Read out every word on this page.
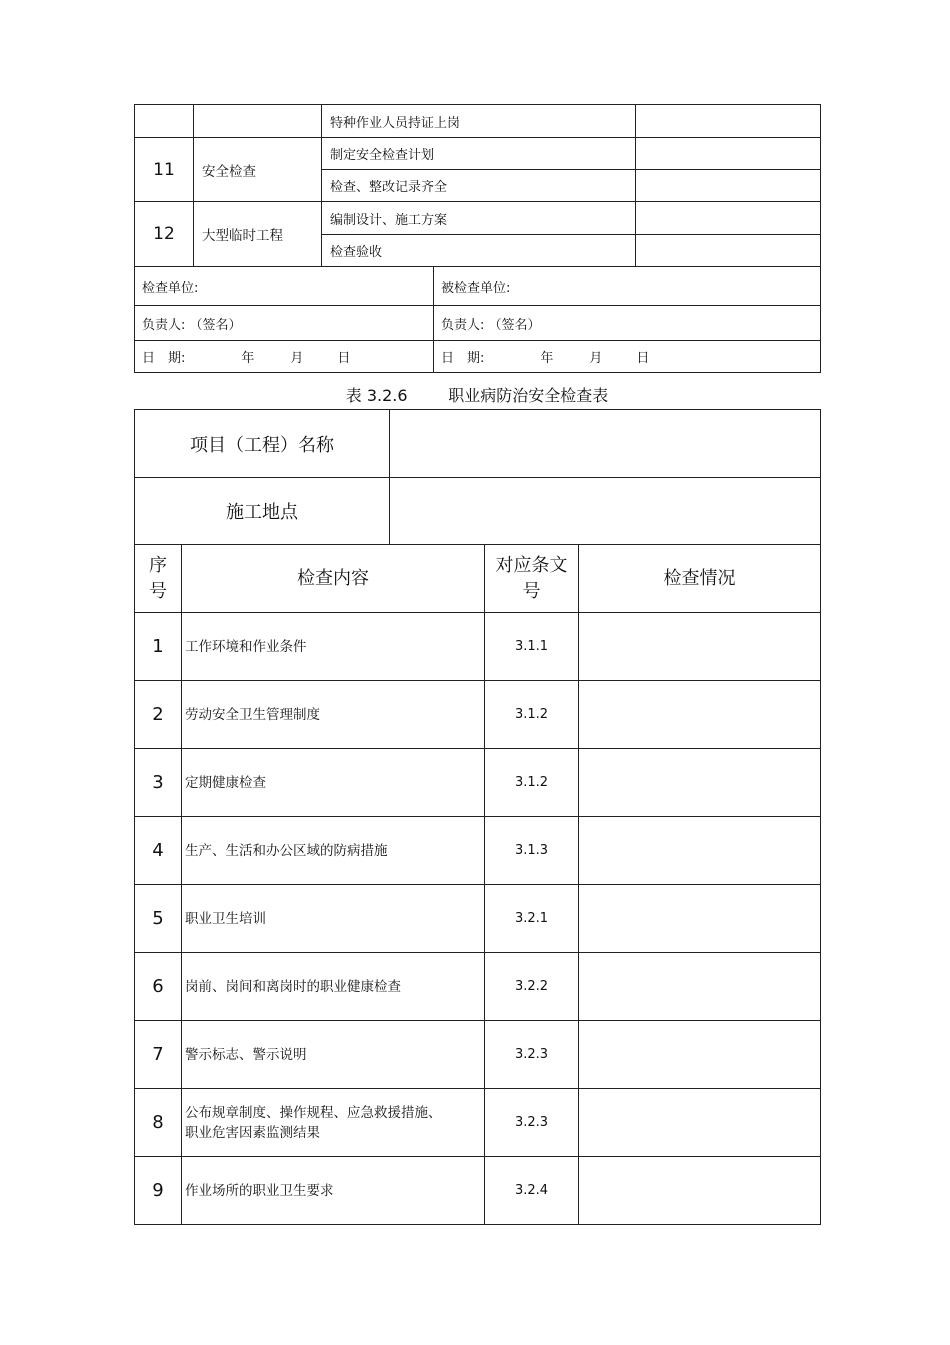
		特种作业人员持证上岗		
11	安全检查	制定安全检查计划		
		检查、整改记录齐全		
12	大型临时工程	编制设计、施工方案		
		检查验收		
检查单位:			被检查单位:	
负责人: （签名）			负责人: （签名）	
日　期: 年 月 日			日　期: 年 月 日	
表 3.2.6        职业病防治安全检查表
项目（工程）名称	
施工地点	
序号	检查内容	对应条文号	检查情况
1	工作环境和作业条件	3.1.1	
2	劳动安全卫生管理制度	3.1.2	
3	定期健康检查	3.1.2	
4	生产、生活和办公区域的防病措施	3.1.3	
5	职业卫生培训	3.2.1	
6	岗前、岗间和离岗时的职业健康检查	3.2.2	
7	警示标志、警示说明	3.2.3	
8	公布规章制度、操作规程、应急救援措施、职业危害因素监测结果	3.2.3	
9	作业场所的职业卫生要求	3.2.4	
